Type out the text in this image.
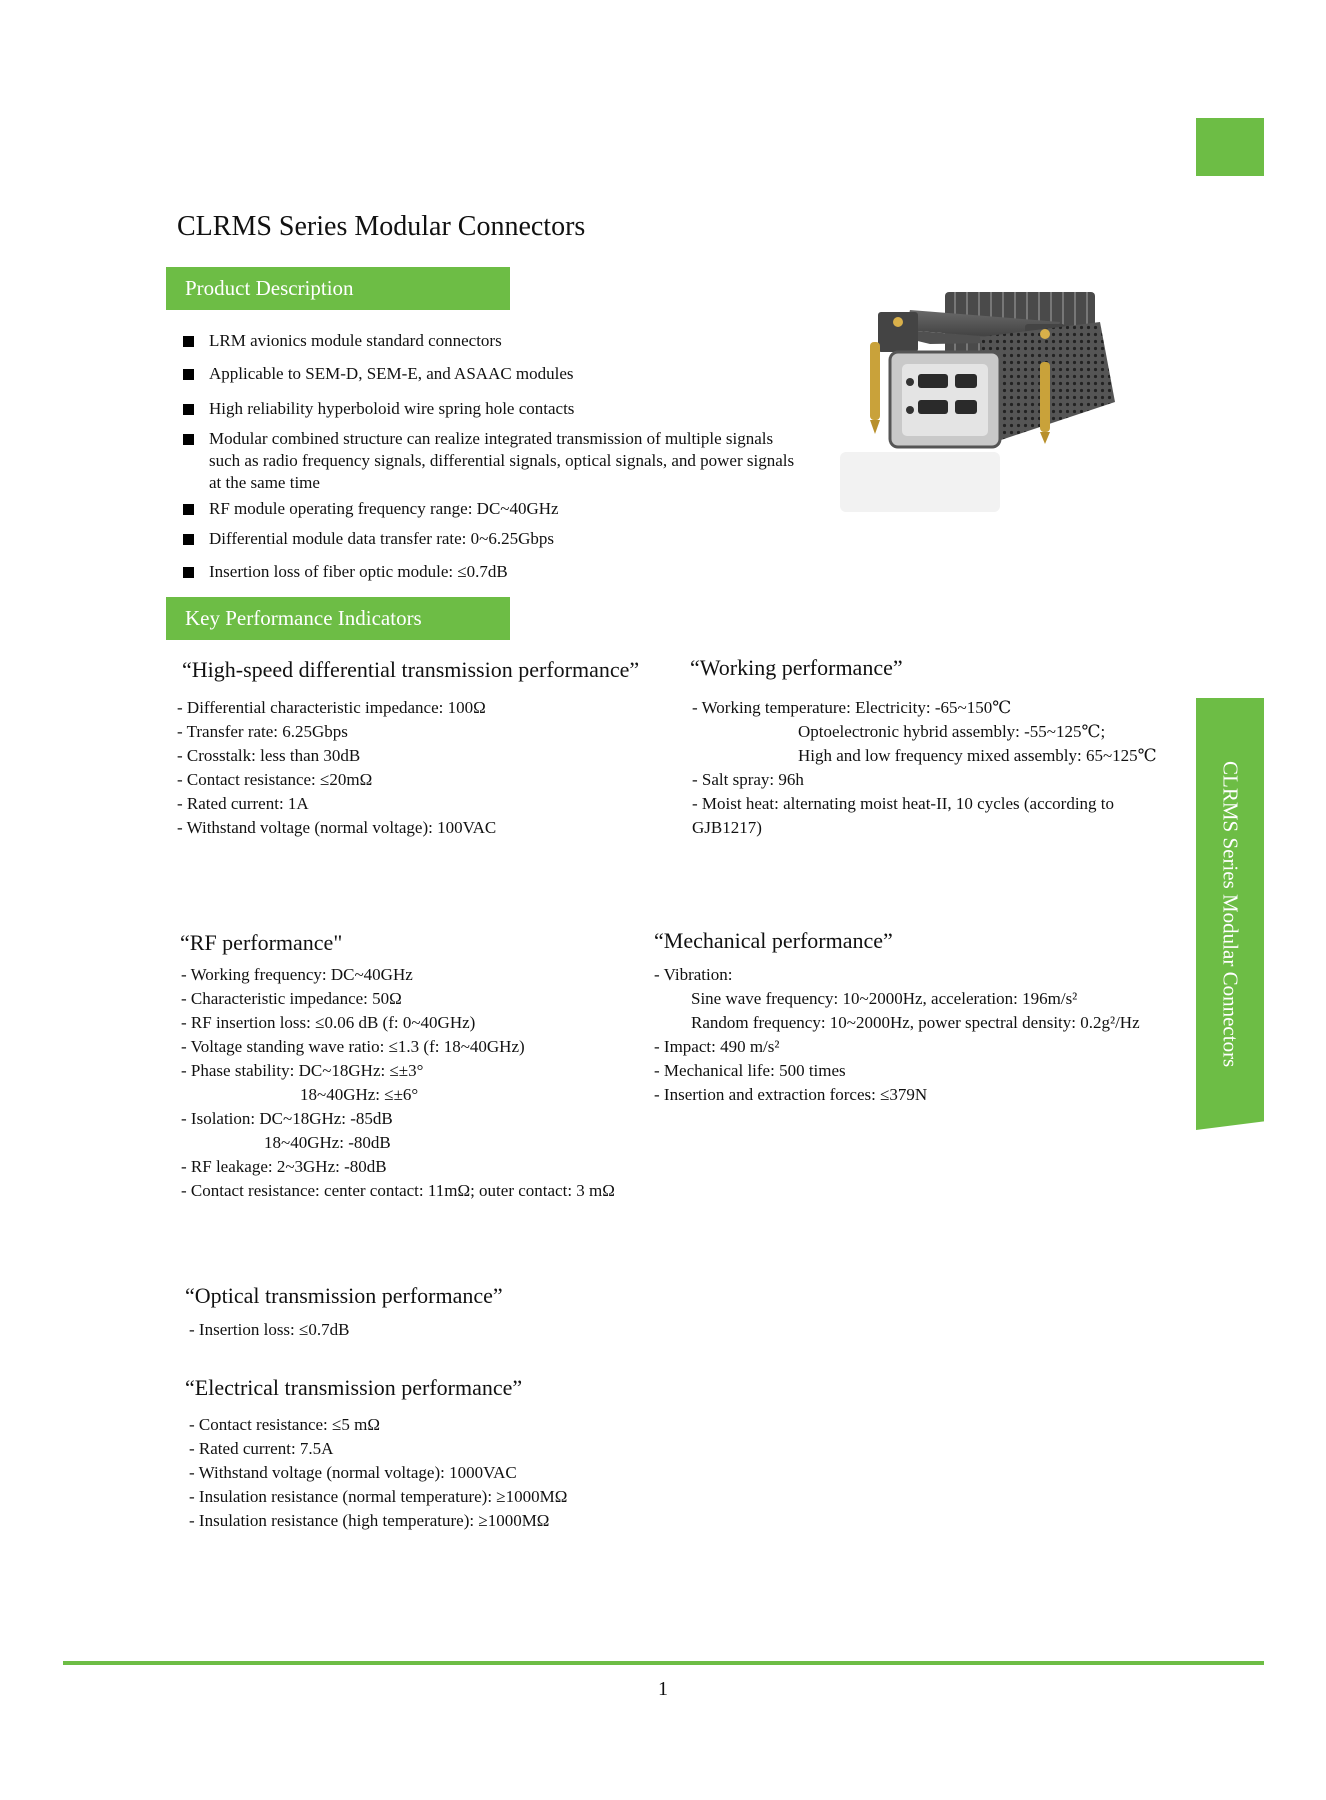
CLRMS Series Modular Connectors
Product Description
LRM avionics module standard connectors
Applicable to SEM-D, SEM-E, and ASAAC modules
High reliability hyperboloid wire spring hole contacts
Modular combined structure can realize integrated transmission of multiple signals such as radio frequency signals, differential signals, optical signals, and power signals at the same time
RF module operating frequency range: DC~40GHz
Differential module data transfer rate: 0~6.25Gbps
Insertion loss of fiber optic module: ≤0.7dB
Key Performance Indicators
“High-speed differential transmission performance”
- Differential characteristic impedance: 100Ω
- Transfer rate: 6.25Gbps
- Crosstalk: less than 30dB
- Contact resistance: ≤20mΩ
- Rated current: 1A
- Withstand voltage (normal voltage): 100VAC
“Working performance”
- Working temperature: Electricity: -65~150℃
Optoelectronic hybrid assembly: -55~125℃;
High and low frequency mixed assembly: 65~125℃
- Salt spray: 96h
- Moist heat: alternating moist heat-II, 10 cycles (according to
GJB1217)
“RF performance"
- Working frequency: DC~40GHz
- Characteristic impedance: 50Ω
- RF insertion loss: ≤0.06 dB (f: 0~40GHz)
- Voltage standing wave ratio: ≤1.3 (f: 18~40GHz)
- Phase stability: DC~18GHz: ≤±3°
18~40GHz: ≤±6°
- Isolation: DC~18GHz: -85dB
18~40GHz: -80dB
- RF leakage: 2~3GHz: -80dB
- Contact resistance: center contact: 11mΩ; outer contact: 3 mΩ
“Mechanical performance”
- Vibration:
Sine wave frequency: 10~2000Hz, acceleration: 196m/s²
Random frequency: 10~2000Hz, power spectral density: 0.2g²/Hz
- Impact: 490 m/s²
- Mechanical life: 500 times
- Insertion and extraction forces: ≤379N
“Optical transmission performance”
- Insertion loss: ≤0.7dB
“Electrical transmission performance”
- Contact resistance: ≤5 mΩ
- Rated current: 7.5A
- Withstand voltage (normal voltage): 1000VAC
- Insulation resistance (normal temperature): ≥1000MΩ
- Insulation resistance (high temperature): ≥1000MΩ
CLRMS Series Modular Connectors
1
